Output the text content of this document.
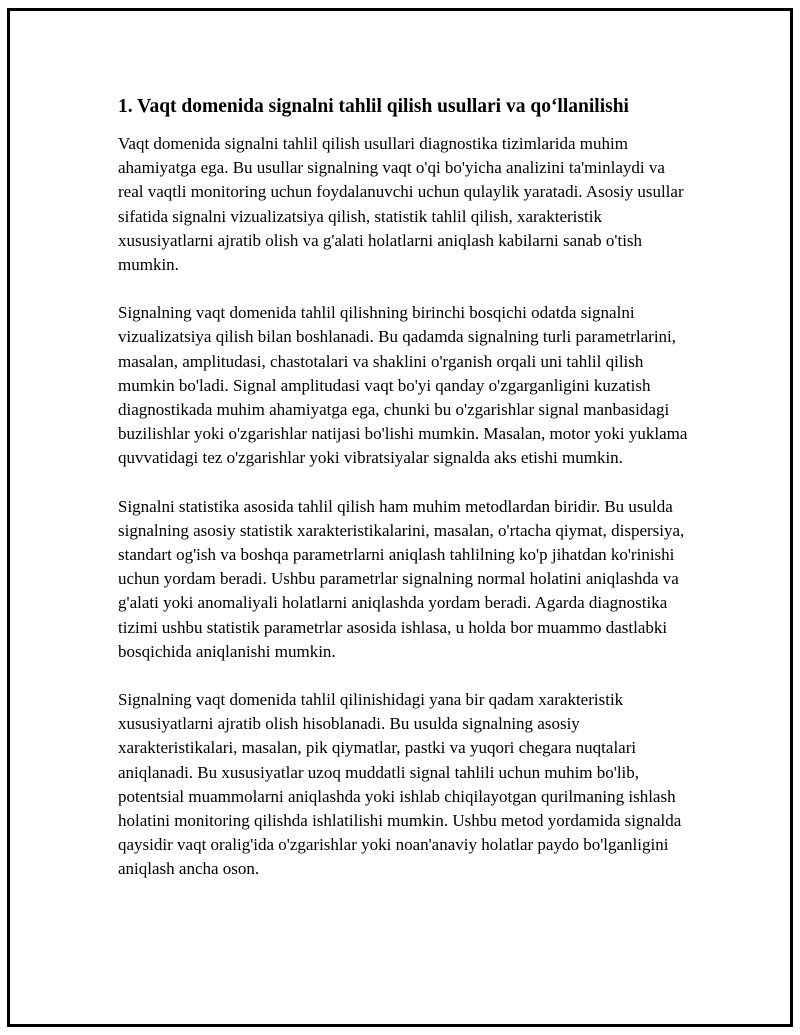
1. Vaqt domenida signalni tahlil qilish usullari va qo‘llanilishi

Vaqt domenida signalni tahlil qilish usullari diagnostika tizimlarida muhim ahamiyatga ega. Bu usullar signalning vaqt o'qi bo'yicha analizini ta'minlaydi va real vaqtli monitoring uchun foydalanuvchi uchun qulaylik yaratadi. Asosiy usullar sifatida signalni vizualizatsiya qilish, statistik tahlil qilish, xarakteristik xususiyatlarni ajratib olish va g'alati holatlarni aniqlash kabilarni sanab o'tish mumkin.

Signalning vaqt domenida tahlil qilishning birinchi bosqichi odatda signalni vizualizatsiya qilish bilan boshlanadi. Bu qadamda signalning turli parametrlarini, masalan, amplitudasi, chastotalari va shaklini o'rganish orqali uni tahlil qilish mumkin bo'ladi. Signal amplitudasi vaqt bo'yi qanday o'zgarganligini kuzatish diagnostikada muhim ahamiyatga ega, chunki bu o'zgarishlar signal manbasidagi buzilishlar yoki o'zgarishlar natijasi bo'lishi mumkin. Masalan, motor yoki yuklama quvvatidagi tez o'zgarishlar yoki vibratsiyalar signalda aks etishi mumkin.

Signalni statistika asosida tahlil qilish ham muhim metodlardan biridir. Bu usulda signalning asosiy statistik xarakteristikalarini, masalan, o'rtacha qiymat, dispersiya, standart og'ish va boshqa parametrlarni aniqlash tahlilning ko'p jihatdan ko'rinishi uchun yordam beradi. Ushbu parametrlar signalning normal holatini aniqlashda va g'alati yoki anomaliyali holatlarni aniqlashda yordam beradi. Agarda diagnostika tizimi ushbu statistik parametrlar asosida ishlasa, u holda bor muammo dastlabki bosqichida aniqlanishi mumkin.

Signalning vaqt domenida tahlil qilinishidagi yana bir qadam xarakteristik xususiyatlarni ajratib olish hisoblanadi. Bu usulda signalning asosiy xarakteristikalari, masalan, pik qiymatlar, pastki va yuqori chegara nuqtalari aniqlanadi. Bu xususiyatlar uzoq muddatli signal tahlili uchun muhim bo'lib, potentsial muammolarni aniqlashda yoki ishlab chiqilayotgan qurilmaning ishlash holatini monitoring qilishda ishlatilishi mumkin. Ushbu metod yordamida signalda qaysidir vaqt oralig'ida o'zgarishlar yoki noan'anaviy holatlar paydo bo'lganligini aniqlash ancha oson.
